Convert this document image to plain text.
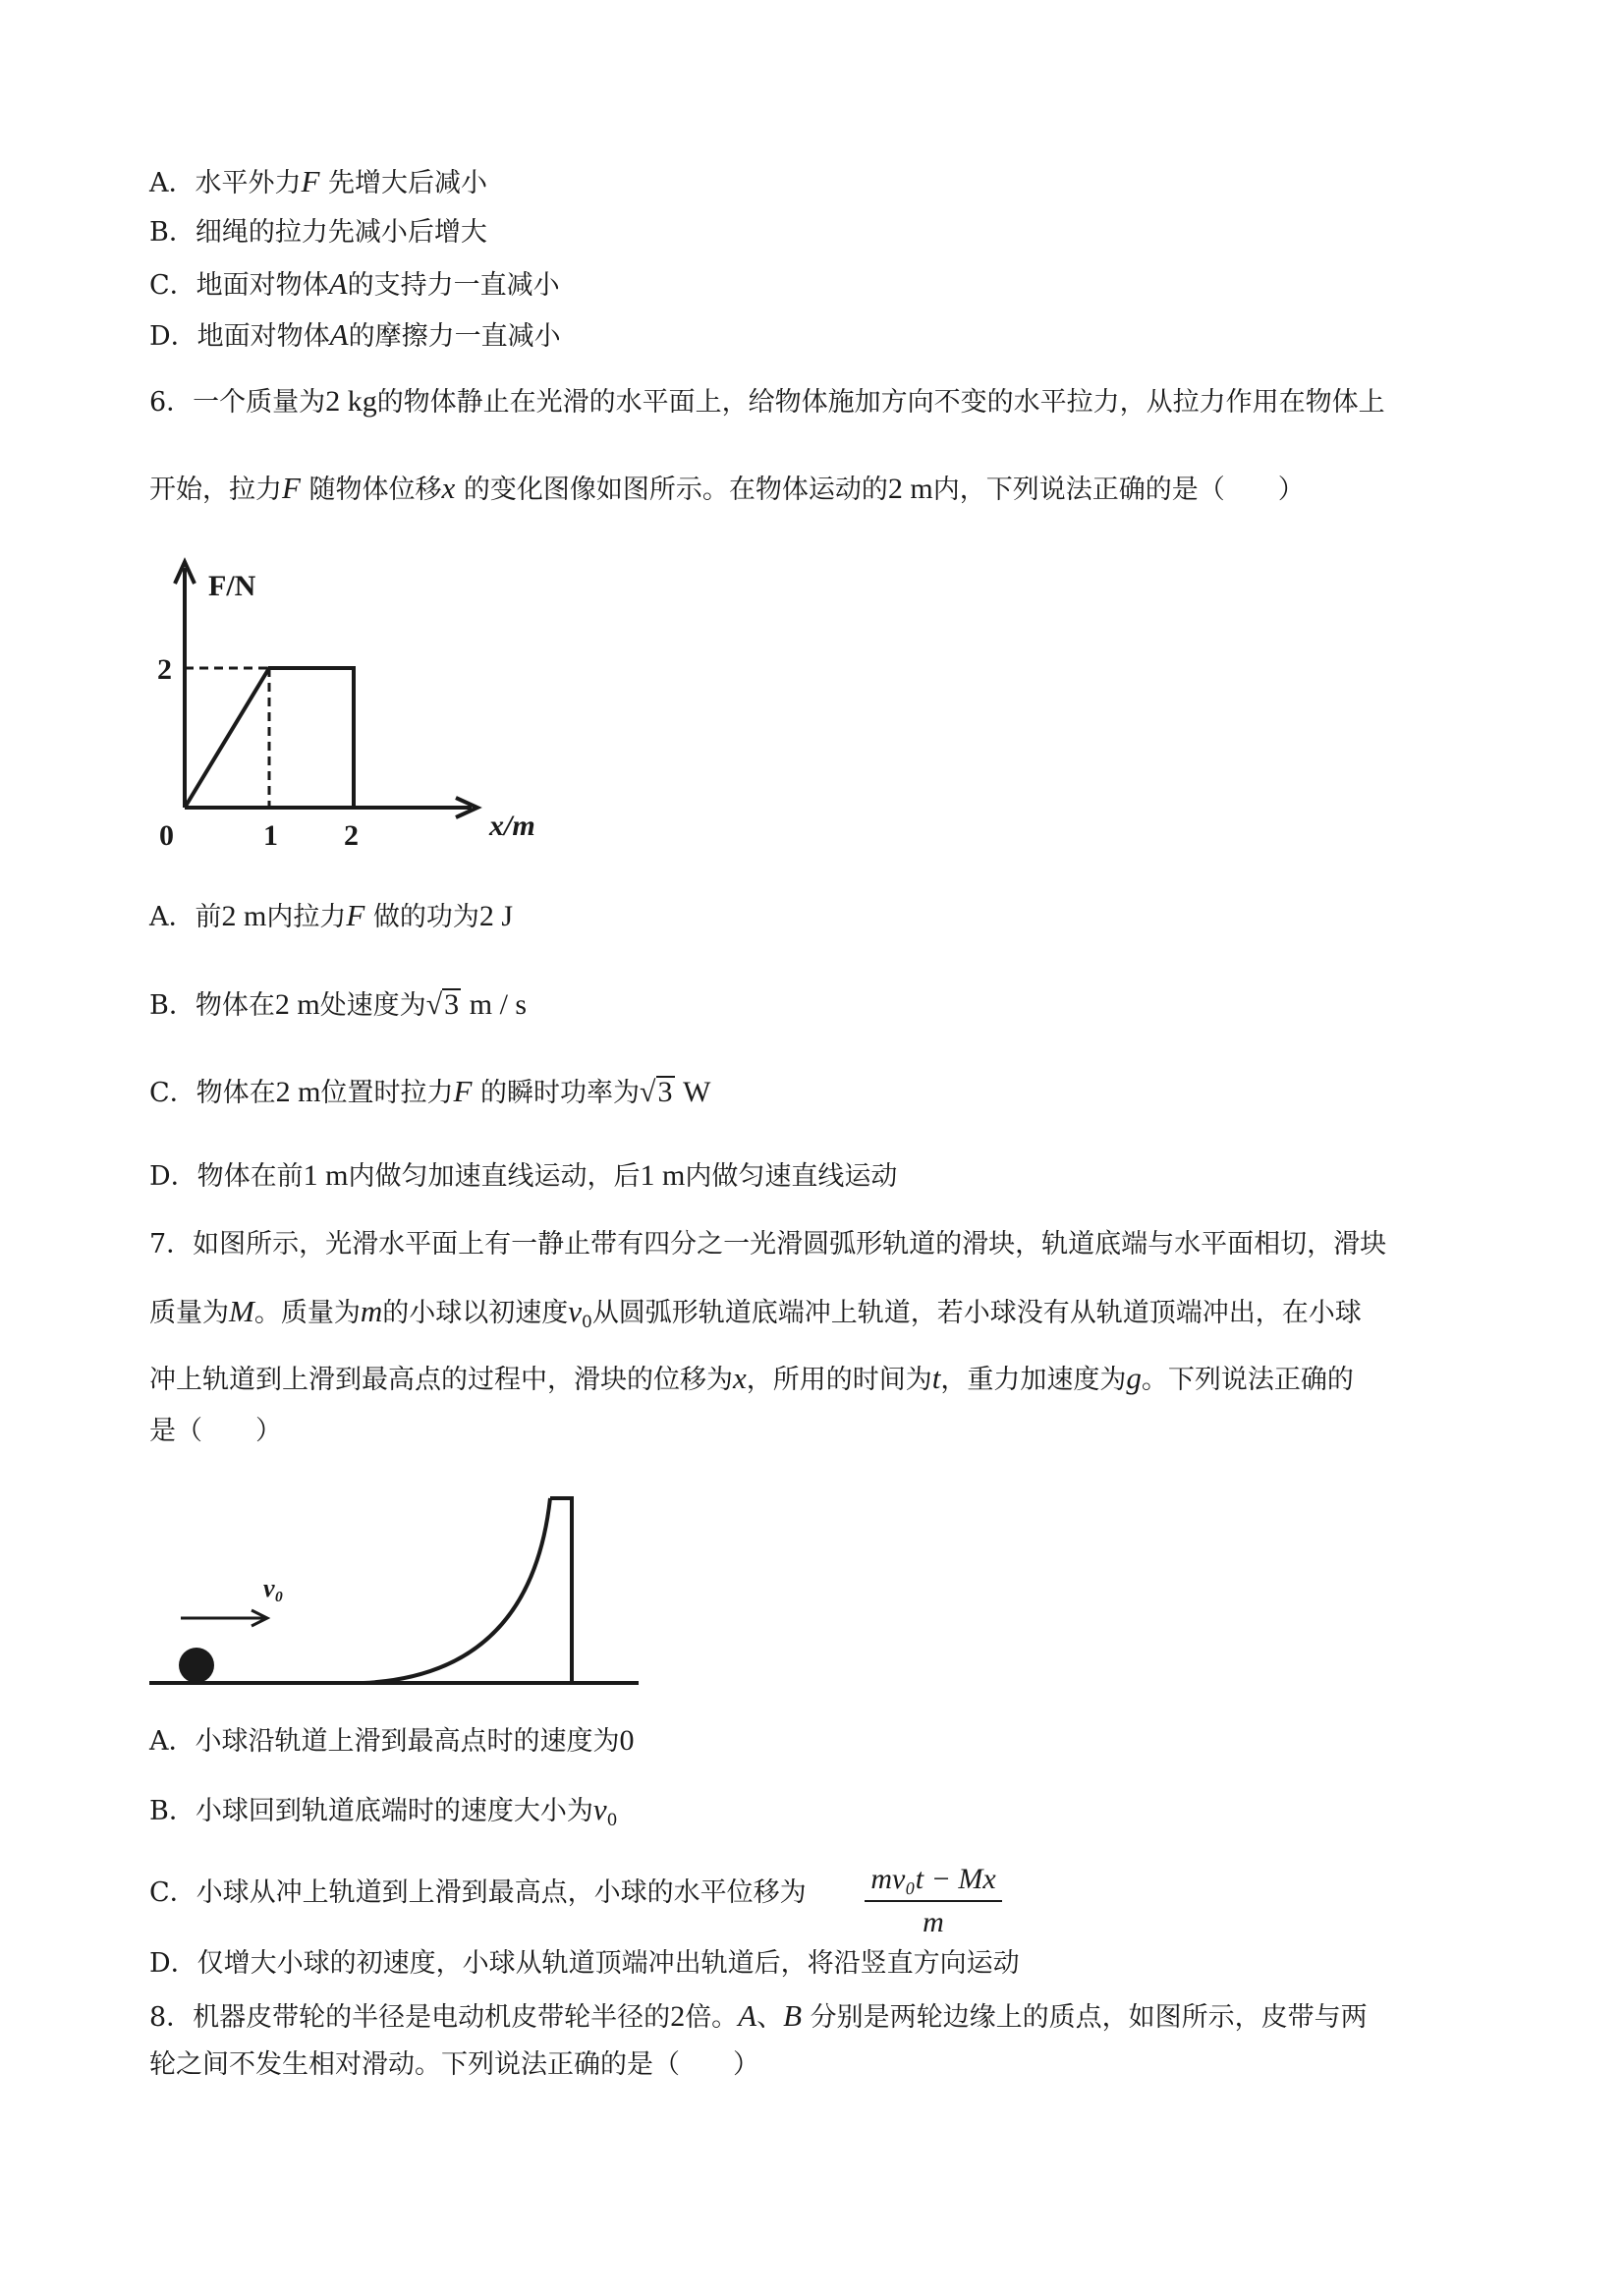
A．水平外力F 先增大后减小
B．细绳的拉力先减小后增大
C．地面对物体A的支持力一直减小
D．地面对物体A的摩擦力一直减小
6．一个质量为2 kg的物体静止在光滑的水平面上，给物体施加方向不变的水平拉力，从拉力作用在物体上
开始，拉力F 随物体位移x 的变化图像如图所示。在物体运动的2 m内，下列说法正确的是（　　）
F/N
2
0	1 2	x/m
A．前2 m内拉力F 做的功为2 J
B．物体在2 m处速度为√3 m / s
C．物体在2 m位置时拉力F 的瞬时功率为√3 W
D．物体在前1 m内做匀加速直线运动，后1 m内做匀速直线运动
7．如图所示，光滑水平面上有一静止带有四分之一光滑圆弧形轨道的滑块，轨道底端与水平面相切，滑块
质量为M。质量为m的小球以初速度$v_0$从圆弧形轨道底端冲上轨道，若小球没有从轨道顶端冲出，在小球
冲上轨道到上滑到最高点的过程中，滑块的位移为x，所用的时间为t，重力加速度为g。下列说法正确的
是（　　）
v₀
A．小球沿轨道上滑到最高点时的速度为0
B．小球回到轨道底端时的速度大小为$v_0$
C．小球从冲上轨道到上滑到最高点，小球的水平位移为 $\frac{\text{mv₀t − Mx}}{m}$
D．仅增大小球的初速度，小球从轨道顶端冲出轨道后，将沿竖直方向运动
8．机器皮带轮的半径是电动机皮带轮半径的2倍。A、B 分别是两轮边缘上的质点，如图所示，皮带与两
轮之间不发生相对滑动。下列说法正确的是（　　）
